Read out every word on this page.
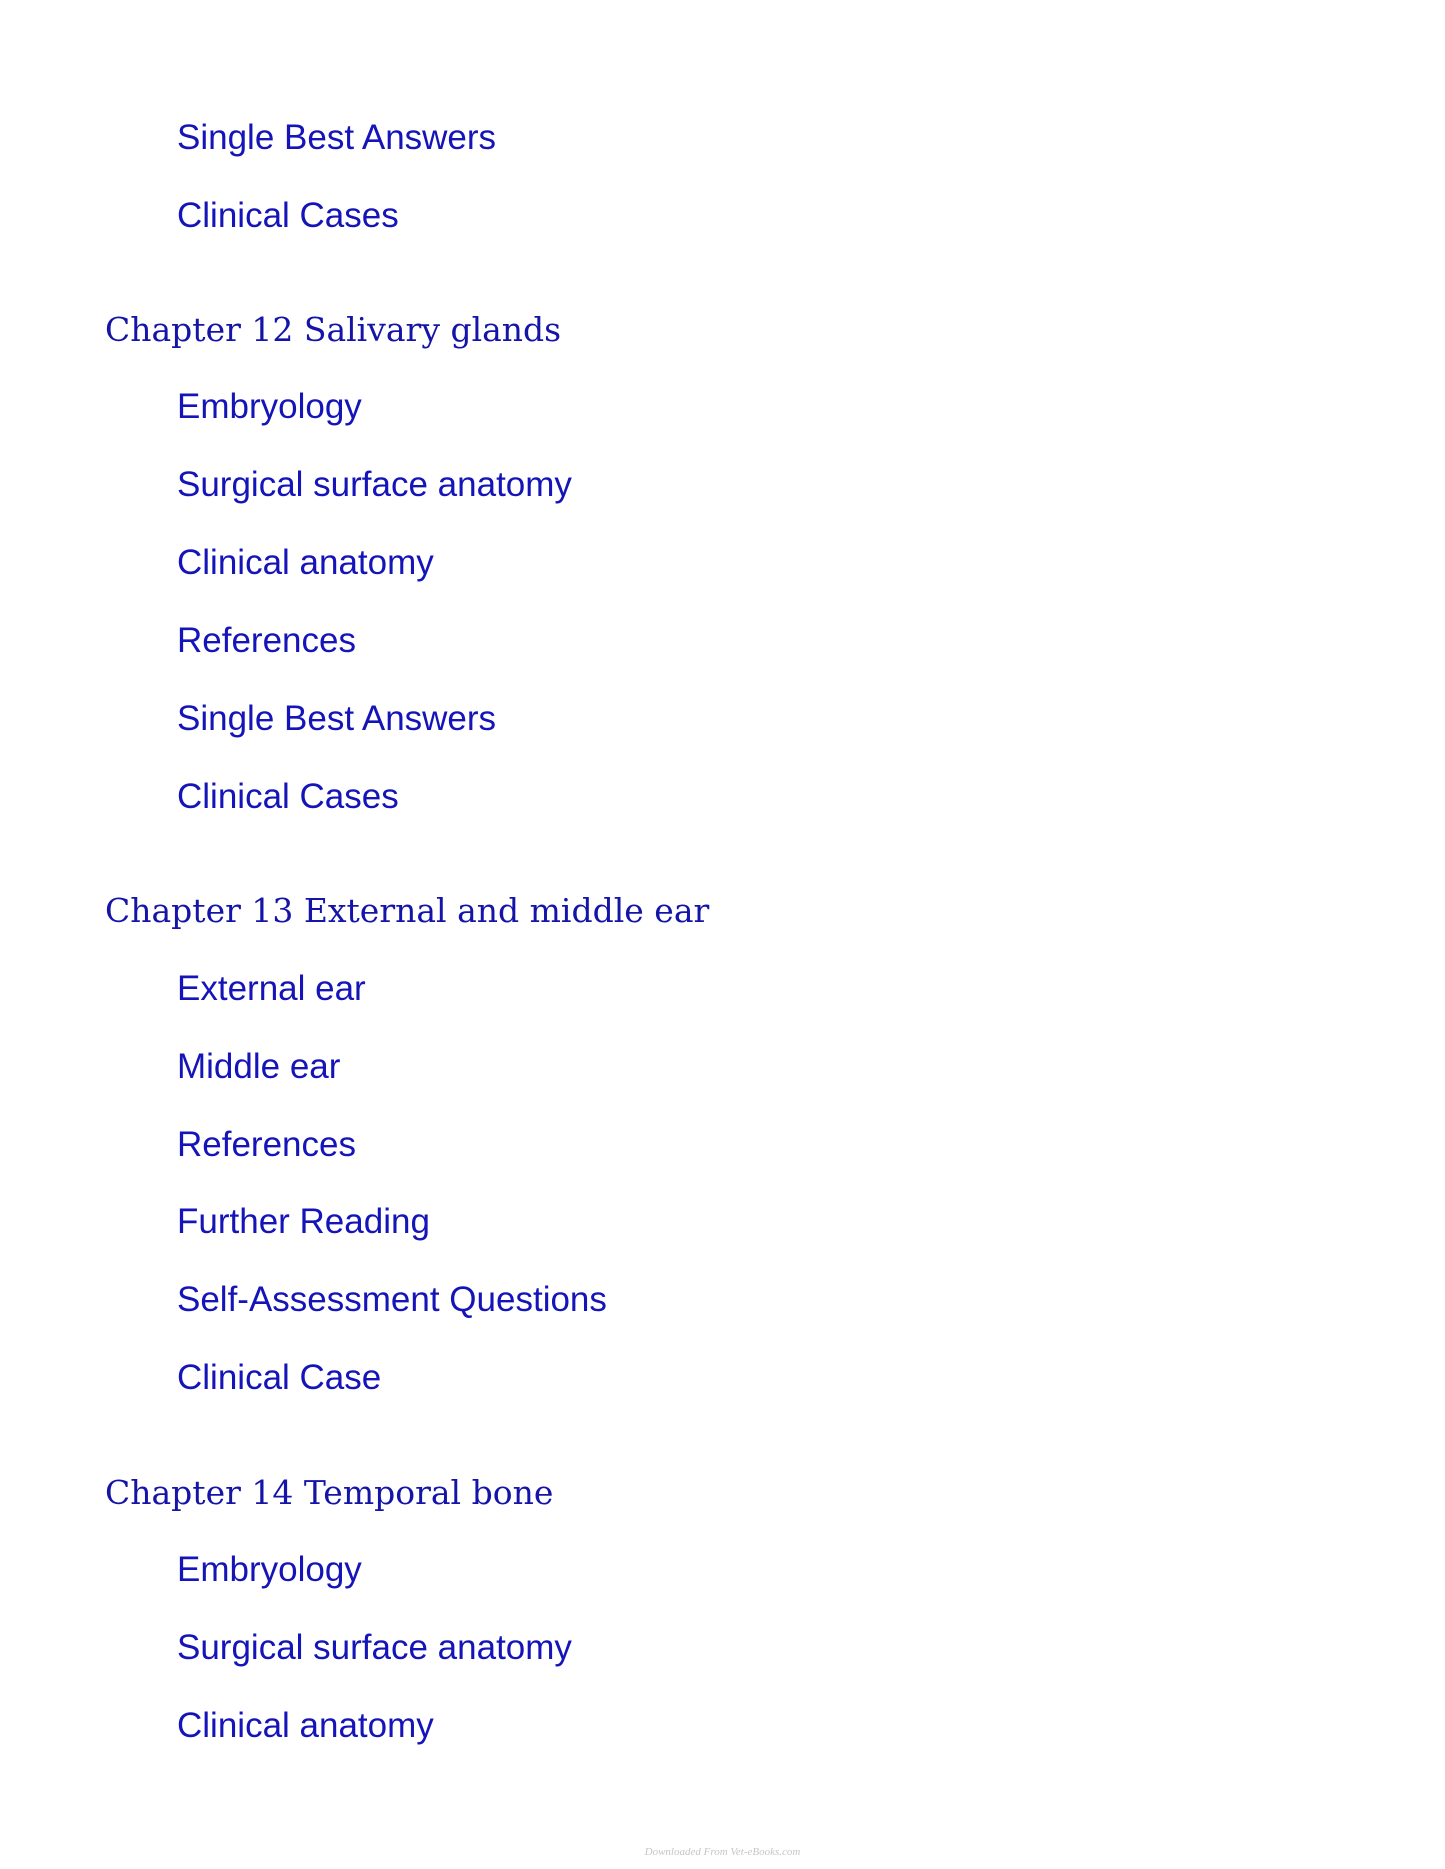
Single Best Answers
Clinical Cases
Chapter 12 Salivary glands
Embryology
Surgical surface anatomy
Clinical anatomy
References
Single Best Answers
Clinical Cases
Chapter 13 External and middle ear
External ear
Middle ear
References
Further Reading
Self-Assessment Questions
Clinical Case
Chapter 14 Temporal bone
Embryology
Surgical surface anatomy
Clinical anatomy
Downloaded From Vet-eBooks.com
